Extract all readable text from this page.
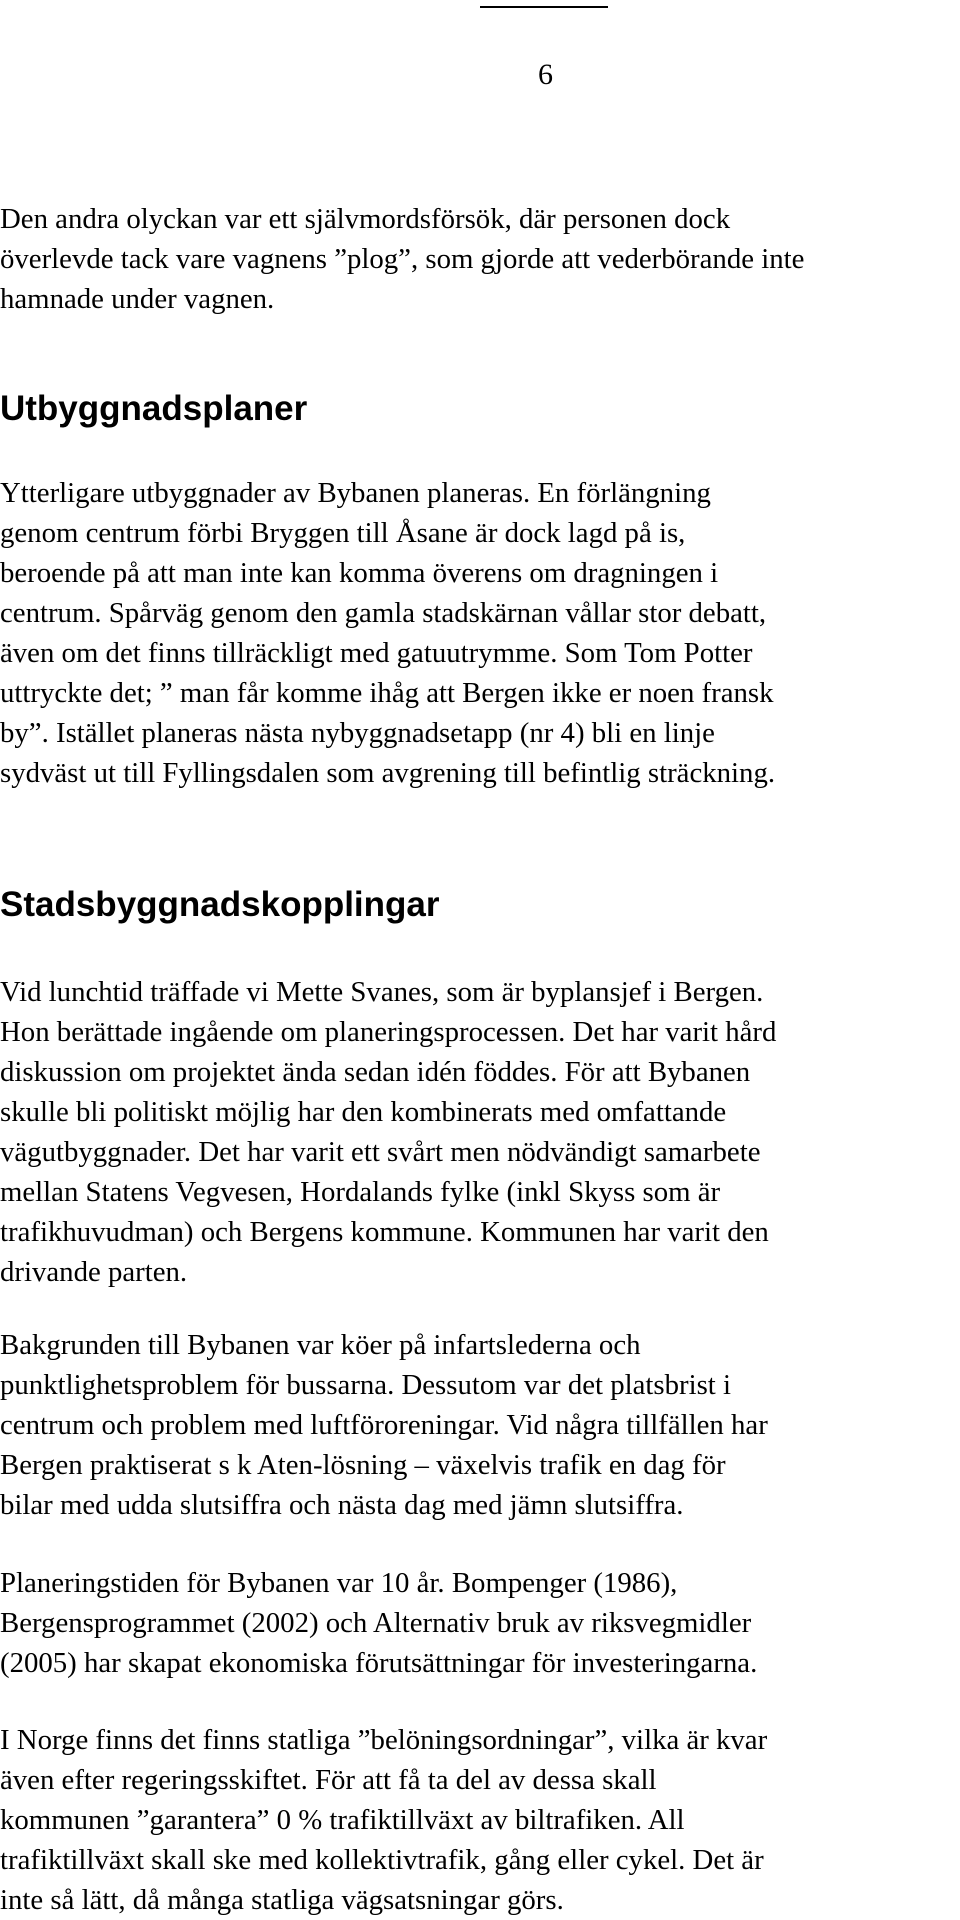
6

Den andra olyckan var ett självmordsförsök, där personen dock
överlevde tack vare vagnens ”plog”, som gjorde att vederbörande inte
hamnade under vagnen.

Utbyggnadsplaner

Ytterligare utbyggnader av Bybanen planeras. En förlängning
genom centrum förbi Bryggen till Åsane är dock lagd på is,
beroende på att man inte kan komma överens om dragningen i
centrum. Spårväg genom den gamla stadskärnan vållar stor debatt,
även om det finns tillräckligt med gatuutrymme. Som Tom Potter
uttryckte det; ” man får komme ihåg att Bergen ikke er noen fransk
by”. Istället planeras nästa nybyggnadsetapp (nr 4) bli en linje
sydväst ut till Fyllingsdalen som avgrening till befintlig sträckning.

Stadsbyggnadskopplingar

Vid lunchtid träffade vi Mette Svanes, som är byplansjef i Bergen.
Hon berättade ingående om planeringsprocessen. Det har varit hård
diskussion om projektet ända sedan idén föddes. För att Bybanen
skulle bli politiskt möjlig har den kombinerats med omfattande
vägutbyggnader. Det har varit ett svårt men nödvändigt samarbete
mellan Statens Vegvesen, Hordalands fylke (inkl Skyss som är
trafikhuvudman) och Bergens kommune. Kommunen har varit den
drivande parten.

Bakgrunden till Bybanen var köer på infartslederna och
punktlighetsproblem för bussarna. Dessutom var det platsbrist i
centrum och problem med luftföroreningar. Vid några tillfällen har
Bergen praktiserat s k Aten-lösning – växelvis trafik en dag för
bilar med udda slutsiffra och nästa dag med jämn slutsiffra.

Planeringstiden för Bybanen var 10 år. Bompenger (1986),
Bergensprogrammet (2002) och Alternativ bruk av riksvegmidler
(2005) har skapat ekonomiska förutsättningar för investeringarna.

I Norge finns det finns statliga ”belöningsordningar”, vilka är kvar
även efter regeringsskiftet. För att få ta del av dessa skall
kommunen ”garantera” 0 % trafiktillväxt av biltrafiken. All
trafiktillväxt skall ske med kollektivtrafik, gång eller cykel. Det är
inte så lätt, då många statliga vägsatsningar görs.
